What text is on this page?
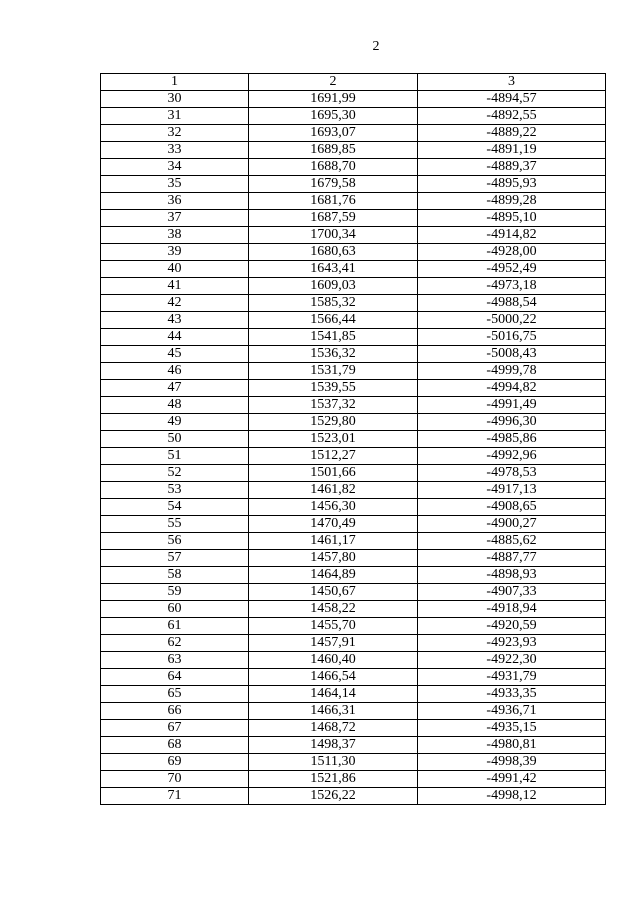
2
1	2	3
30	1691,99	-4894,57
31	1695,30	-4892,55
32	1693,07	-4889,22
33	1689,85	-4891,19
34	1688,70	-4889,37
35	1679,58	-4895,93
36	1681,76	-4899,28
37	1687,59	-4895,10
38	1700,34	-4914,82
39	1680,63	-4928,00
40	1643,41	-4952,49
41	1609,03	-4973,18
42	1585,32	-4988,54
43	1566,44	-5000,22
44	1541,85	-5016,75
45	1536,32	-5008,43
46	1531,79	-4999,78
47	1539,55	-4994,82
48	1537,32	-4991,49
49	1529,80	-4996,30
50	1523,01	-4985,86
51	1512,27	-4992,96
52	1501,66	-4978,53
53	1461,82	-4917,13
54	1456,30	-4908,65
55	1470,49	-4900,27
56	1461,17	-4885,62
57	1457,80	-4887,77
58	1464,89	-4898,93
59	1450,67	-4907,33
60	1458,22	-4918,94
61	1455,70	-4920,59
62	1457,91	-4923,93
63	1460,40	-4922,30
64	1466,54	-4931,79
65	1464,14	-4933,35
66	1466,31	-4936,71
67	1468,72	-4935,15
68	1498,37	-4980,81
69	1511,30	-4998,39
70	1521,86	-4991,42
71	1526,22	-4998,12
